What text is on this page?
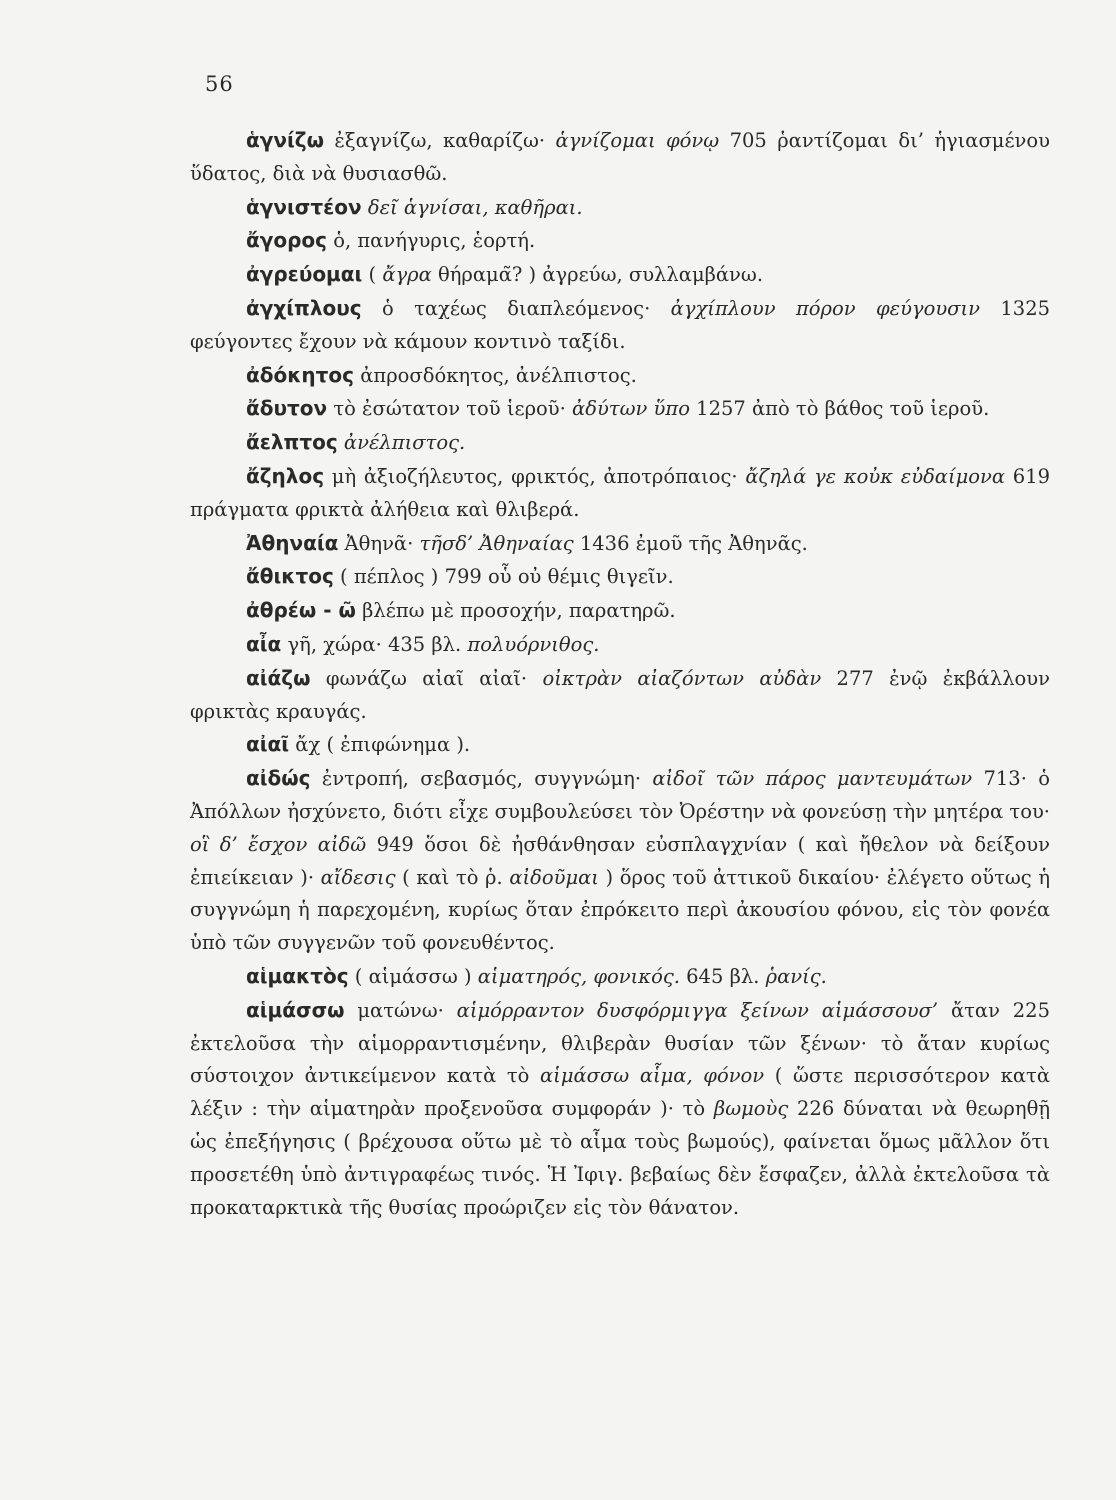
56

ἁγνίζω ἐξαγνίζω, καθαρίζω· ἁγνίζομαι φόνῳ 705 ῥαντίζομαι δι’ ἡγιασμένου ὕδατος, διὰ νὰ θυσιασθῶ.

ἁγνιστέον δεῖ ἁγνίσαι, καθῆραι.

ἄγορος ὁ, πανήγυρις, ἑορτή.

ἀγρεύομαι ( ἄγρα θήραμα̃? ) ἀγρεύω, συλλαμβάνω.

ἀγχίπλους ὁ ταχέως διαπλεόμενος· ἀγχίπλουν πόρον φεύγουσιν 1325 φεύγοντες ἔχουν νὰ κάμουν κοντινὸ ταξίδι.

ἀδόκητος ἀπροσδόκητος, ἀνέλπιστος.

ἄδυτον τὸ ἐσώτατον τοῦ ἱεροῦ· ἀδύτων ὕπο 1257 ἀπὸ τὸ βάθος τοῦ ἱεροῦ.

ἄελπτος ἀνέλπιστος.

ἄζηλος μὴ ἀξιοζήλευτος, φρικτός, ἀποτρόπαιος· ἄζηλά γε κοὐκ εὐδαίμονα 619 πράγματα φρικτὰ ἀλήθεια καὶ θλιβερά.

Ἀθηναία Ἀθηνᾶ· τῆσδ’ Ἀθηναίας 1436 ἐμοῦ τῆς Ἀθηνᾶς.

ἄθικτος ( πέπλος ) 799 οὗ οὐ θέμις θιγεῖν.

ἀθρέω - ῶ βλέπω μὲ προσοχήν, παρατηρῶ.

αἶα γῆ, χώρα· 435 βλ. πολυόρνιθος.

αἰάζω φωνάζω αἰαῖ αἰαῖ· οἰκτρὰν αἰαζόντων αὐδὰν 277 ἐνῷ ἐκβάλλουν φρικτὰς κραυγάς.

αἰαῖ ἄχ ( ἐπιφώνημα ).

αἰδώς ἐντροπή, σεβασμός, συγγνώμη· αἰδοῖ τῶν πάρος μαντευμάτων 713· ὁ Ἀπόλλων ἠσχύνετο, διότι εἶχε συμβουλεύσει τὸν Ὀρέστην νὰ φονεύσῃ τὴν μητέρα του· οἳ δ’ ἔσχον αἰδῶ 949 ὅσοι δὲ ἠσθάνθησαν εὐσπλαγχνίαν ( καὶ ἤθελον νὰ δείξουν ἐπιείκειαν )· αἴδεσις ( καὶ τὸ ῥ. αἰδοῦμαι ) ὅρος τοῦ ἀττικοῦ δικαίου· ἐλέγετο οὕτως ἡ συγγνώμη ἡ παρεχομένη, κυρίως ὅταν ἐπρόκειτο περὶ ἀκουσίου φόνου, εἰς τὸν φονέα ὑπὸ τῶν συγγενῶν τοῦ φονευθέντος.

αἱμακτὸς ( αἱμάσσω ) αἱματηρός, φονικός. 645 βλ. ῥανίς.

αἱμάσσω ματώνω· αἱμόρραντον δυσφόρμιγγα ξείνων αἱμάσσουσ’ ἄταν 225 ἐκτελοῦσα τὴν αἱμορραντισμένην, θλιβερὰν θυσίαν τῶν ξένων· τὸ ἄταν κυρίως σύστοιχον ἀντικείμενον κατὰ τὸ αἱμάσσω αἷμα, φόνον ( ὥστε περισσότερον κατὰ λέξιν : τὴν αἱματηρὰν προξενοῦσα συμφοράν )· τὸ βωμοὺς 226 δύναται νὰ θεωρηθῇ ὡς ἐπεξήγησις ( βρέχουσα οὕτω μὲ τὸ αἷμα τοὺς βωμούς), φαίνεται ὅμως μᾶλλον ὅτι προσετέθη ὑπὸ ἀντιγραφέως τινός. Ἡ Ἰφιγ. βεβαίως δὲν ἔσφαζεν, ἀλλὰ ἐκτελοῦσα τὰ προκαταρκτικὰ τῆς θυσίας προώριζεν εἰς τὸν θάνατον.
